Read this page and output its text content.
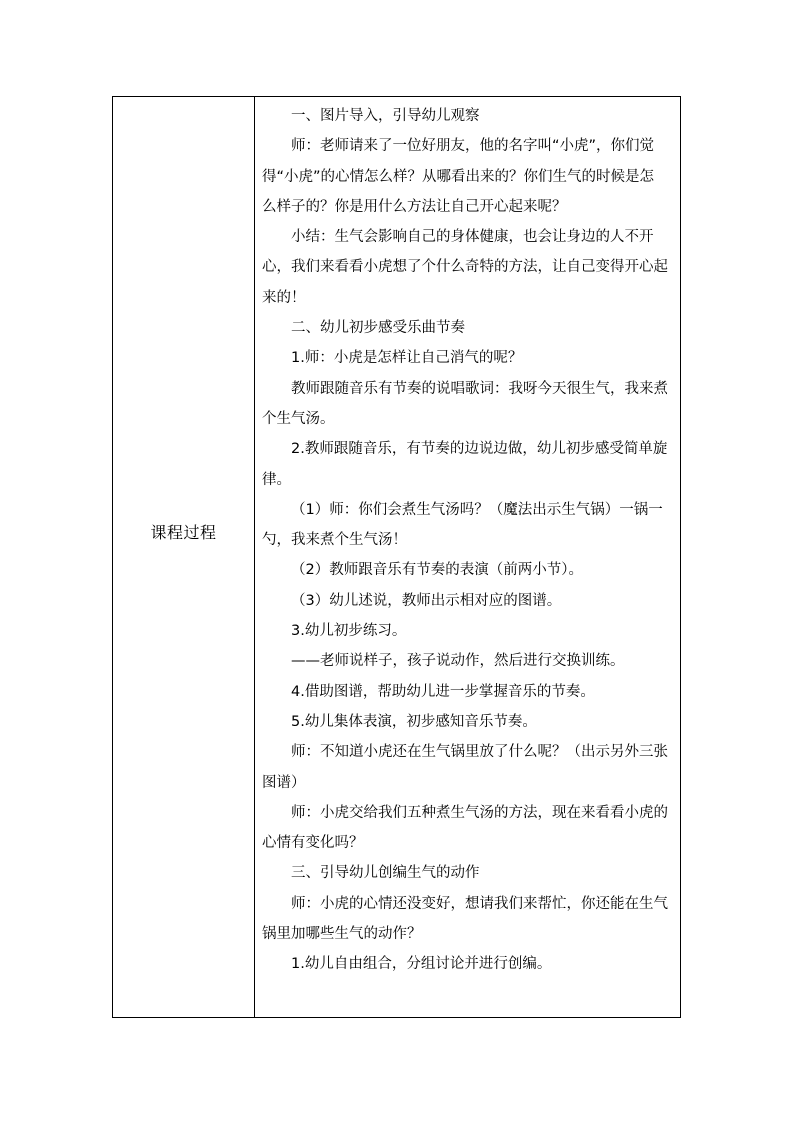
课程过程

一、图片导入，引导幼儿观察

师：老师请来了一位好朋友，他的名字叫“小虎”，你们觉得“小虎”的心情怎么样？从哪看出来的？你们生气的时候是怎么样子的？你是用什么方法让自己开心起来呢？

小结：生气会影响自己的身体健康，也会让身边的人不开心，我们来看看小虎想了个什么奇特的方法，让自己变得开心起来的！

二、幼儿初步感受乐曲节奏

1.师：小虎是怎样让自己消气的呢？

教师跟随音乐有节奏的说唱歌词：我呀今天很生气，我来煮个生气汤。

2.教师跟随音乐，有节奏的边说边做，幼儿初步感受简单旋律。

（1）师：你们会煮生气汤吗？（魔法出示生气锅）一锅一勺，我来煮个生气汤！

（2）教师跟音乐有节奏的表演（前两小节）。

（3）幼儿述说，教师出示相对应的图谱。

3.幼儿初步练习。

——老师说样子，孩子说动作，然后进行交换训练。

4.借助图谱，帮助幼儿进一步掌握音乐的节奏。

5.幼儿集体表演，初步感知音乐节奏。

师：不知道小虎还在生气锅里放了什么呢？（出示另外三张图谱）

师：小虎交给我们五种煮生气汤的方法，现在来看看小虎的心情有变化吗？

三、引导幼儿创编生气的动作

师：小虎的心情还没变好，想请我们来帮忙，你还能在生气锅里加哪些生气的动作？

1.幼儿自由组合，分组讨论并进行创编。
